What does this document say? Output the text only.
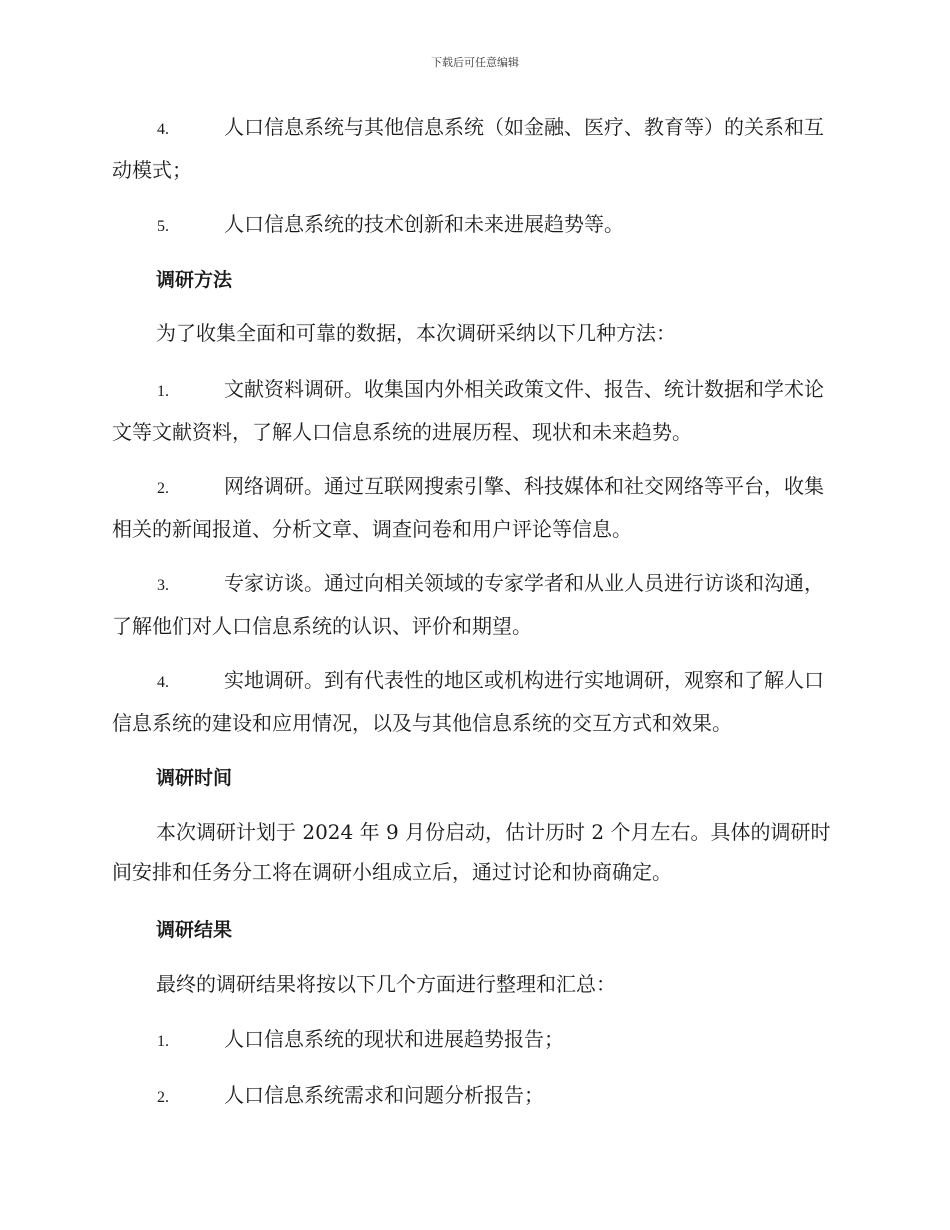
下载后可任意编辑
4.	人口信息系统与其他信息系统（如金融、医疗、教育等）的关系和互动模式；
5.	人口信息系统的技术创新和未来进展趋势等。
调研方法
为了收集全面和可靠的数据，本次调研采纳以下几种方法：
1.	文献资料调研。收集国内外相关政策文件、报告、统计数据和学术论文等文献资料，了解人口信息系统的进展历程、现状和未来趋势。
2.	网络调研。通过互联网搜索引擎、科技媒体和社交网络等平台，收集相关的新闻报道、分析文章、调查问卷和用户评论等信息。
3.	专家访谈。通过向相关领域的专家学者和从业人员进行访谈和沟通，了解他们对人口信息系统的认识、评价和期望。
4.	实地调研。到有代表性的地区或机构进行实地调研，观察和了解人口信息系统的建设和应用情况，以及与其他信息系统的交互方式和效果。
调研时间
本次调研计划于 2024 年 9 月份启动，估计历时 2 个月左右。具体的调研时间安排和任务分工将在调研小组成立后，通过讨论和协商确定。
调研结果
最终的调研结果将按以下几个方面进行整理和汇总：
1.	人口信息系统的现状和进展趋势报告；
2.	人口信息系统需求和问题分析报告；
